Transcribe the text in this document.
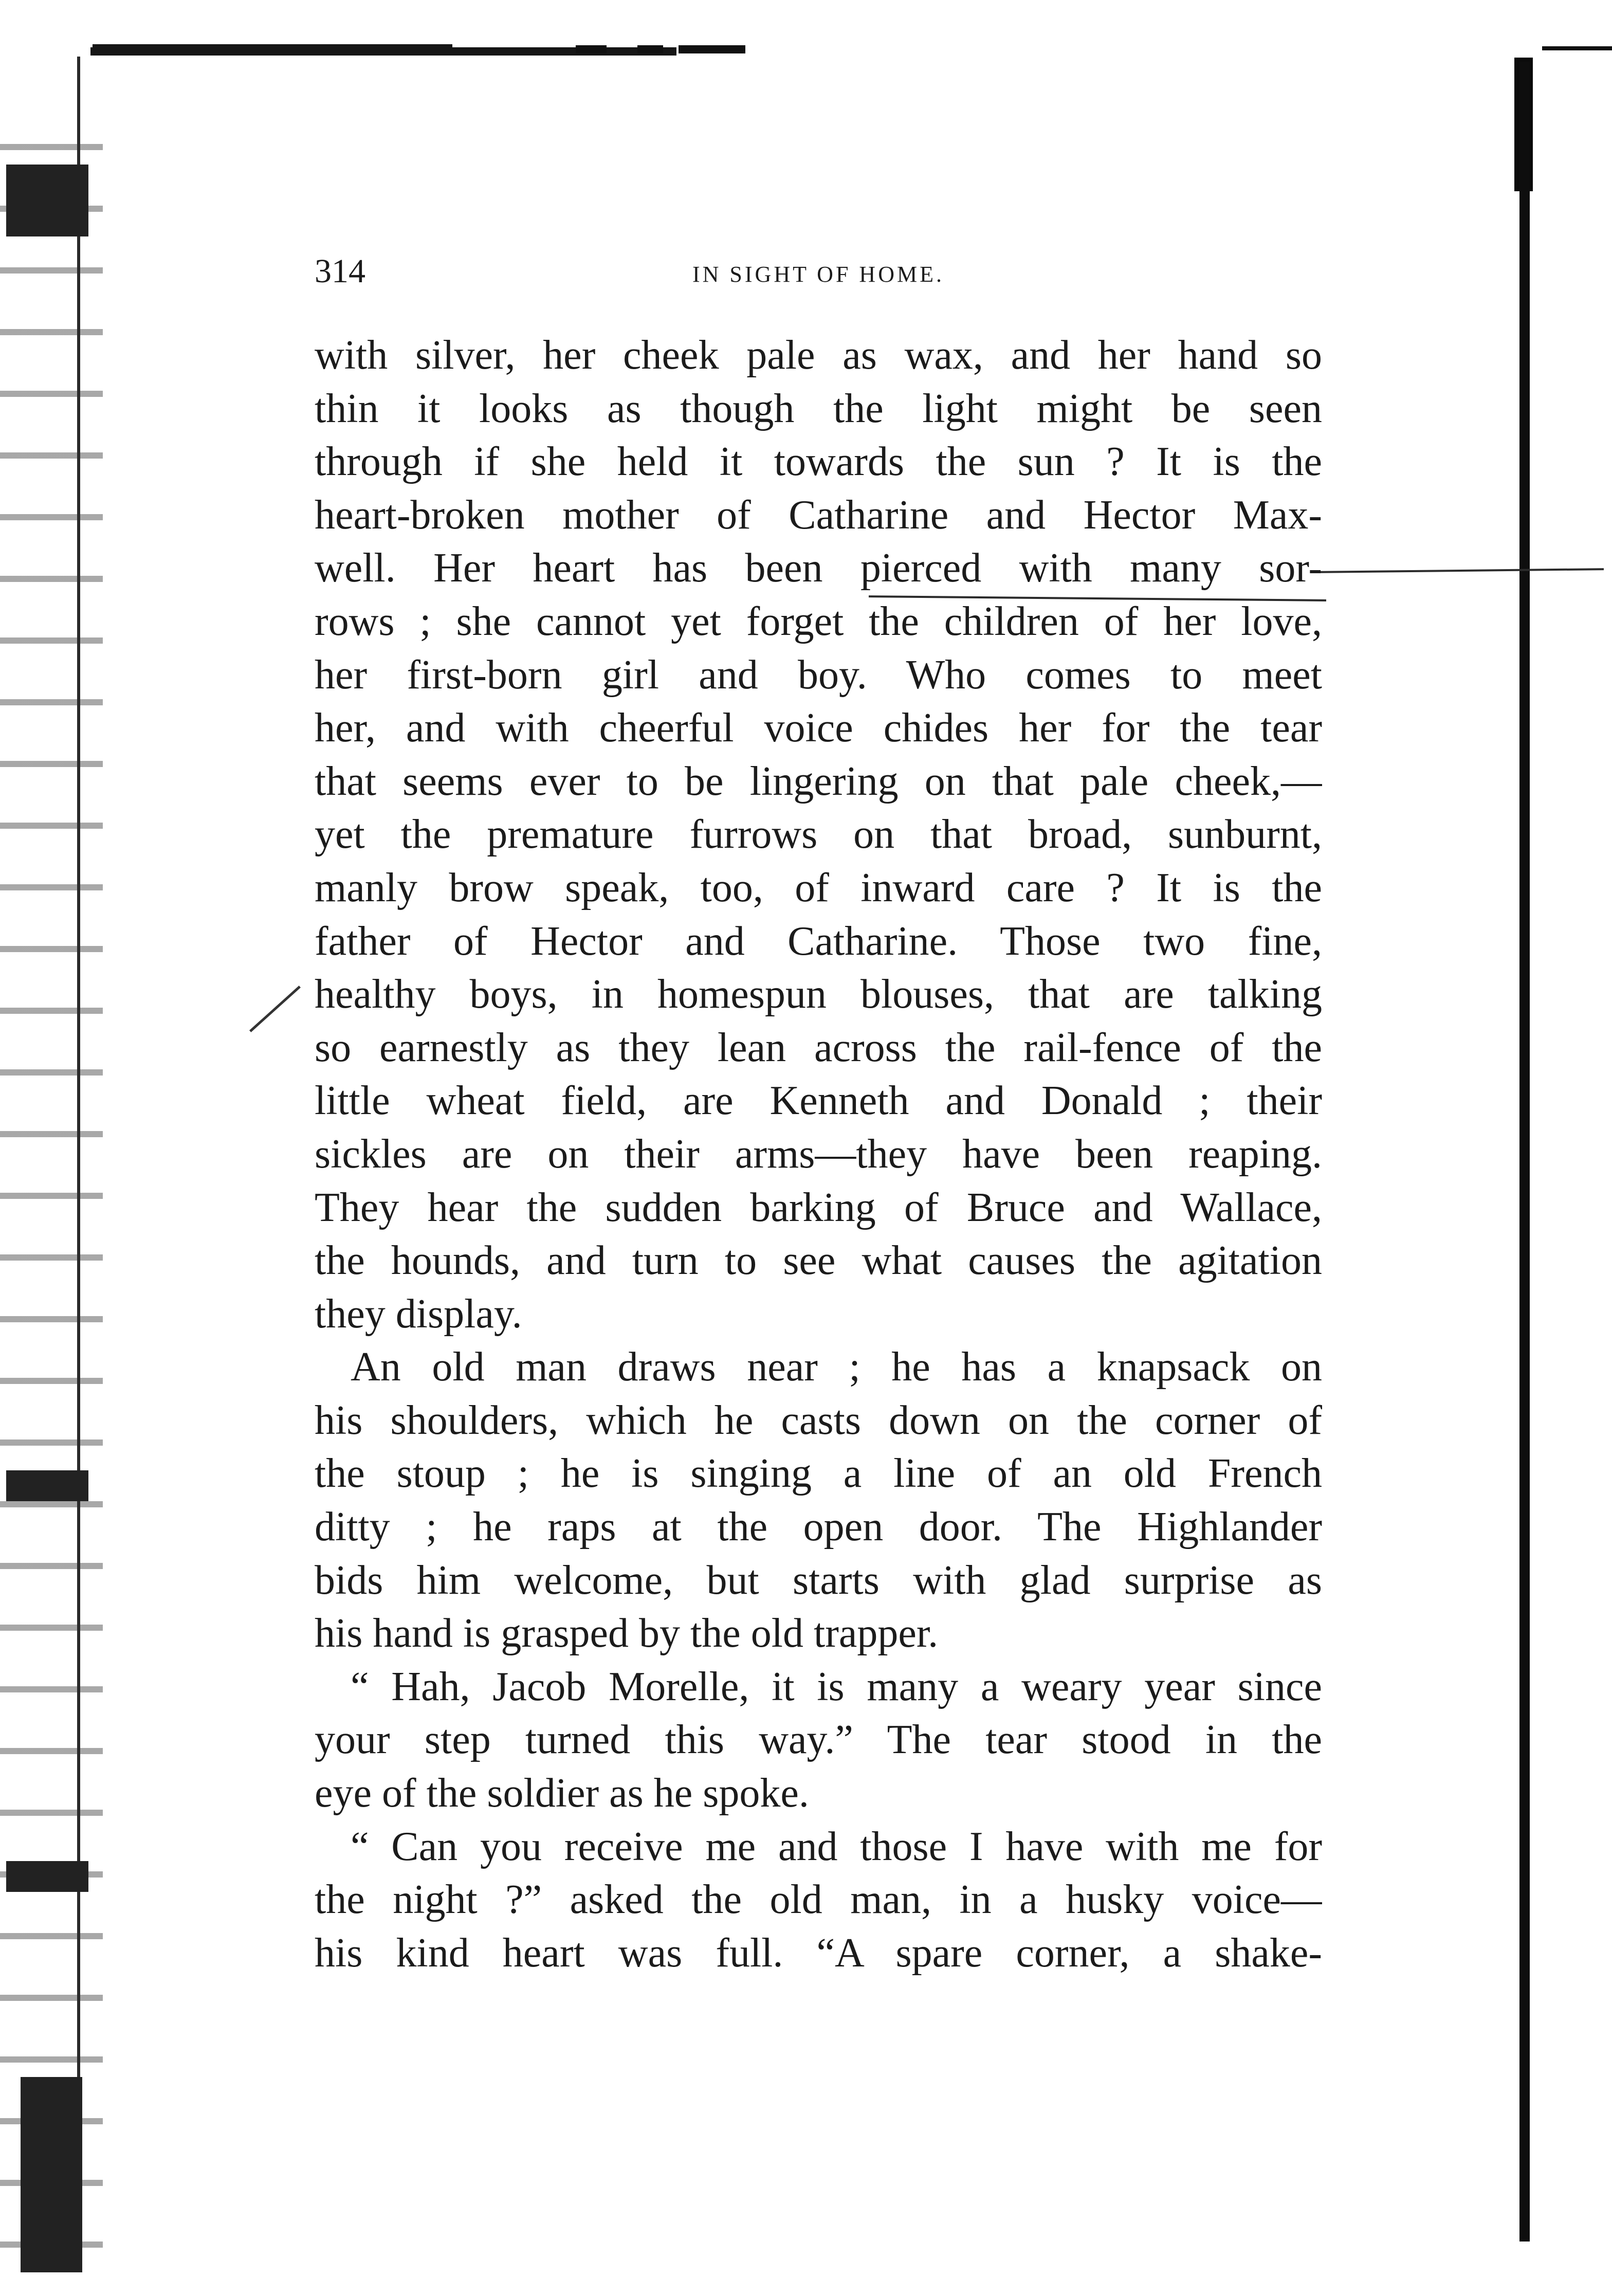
314	IN SIGHT OF HOME.
with silver, her cheek pale as wax, and her hand so
thin it looks as though the light might be seen
through if she held it towards the sun ? It is the
heart-broken mother of Catharine and Hector Max-
well. Her heart has been pierced with many sor-
rows ; she cannot yet forget the children of her love,
her first-born girl and boy. Who comes to meet
her, and with cheerful voice chides her for the tear
that seems ever to be lingering on that pale cheek,—
yet the premature furrows on that broad, sunburnt,
manly brow speak, too, of inward care ? It is the
father of Hector and Catharine. Those two fine,
healthy boys, in homespun blouses, that are talking
so earnestly as they lean across the rail-fence of the
little wheat field, are Kenneth and Donald ; their
sickles are on their arms—they have been reaping.
They hear the sudden barking of Bruce and Wallace,
the hounds, and turn to see what causes the agitation
they display.
An old man draws near ; he has a knapsack on
his shoulders, which he casts down on the corner of
the stoup ; he is singing a line of an old French
ditty ; he raps at the open door. The Highlander
bids him welcome, but starts with glad surprise as
his hand is grasped by the old trapper.
“ Hah, Jacob Morelle, it is many a weary year since
your step turned this way.” The tear stood in the
eye of the soldier as he spoke.
“ Can you receive me and those I have with me for
the night ?” asked the old man, in a husky voice—
his kind heart was full. “A spare corner, a shake-
